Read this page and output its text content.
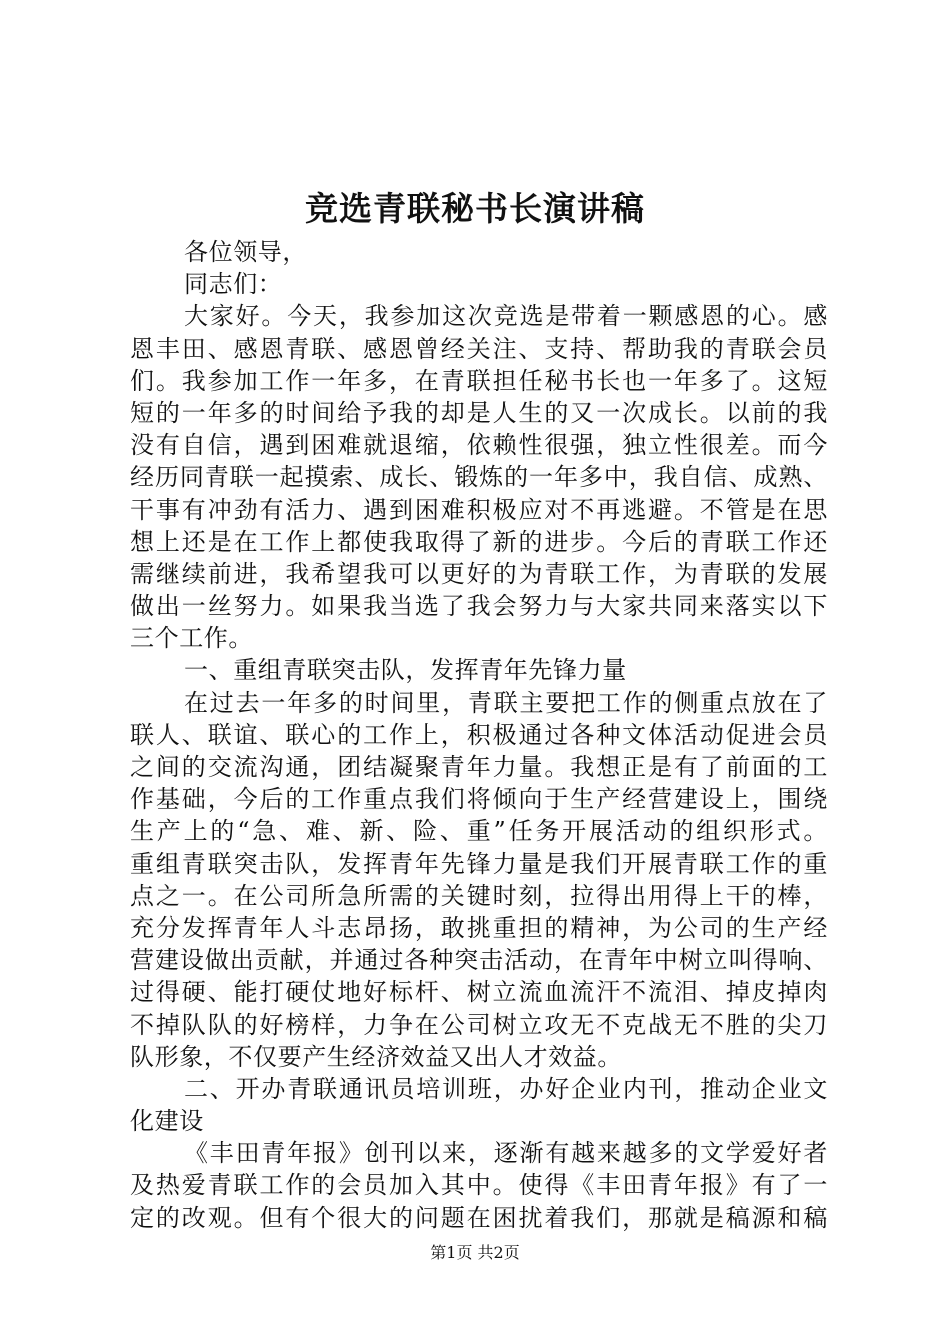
竞选青联秘书长演讲稿
各位领导，
同志们：
大家好。今天，我参加这次竞选是带着一颗感恩的心。感
恩丰田、感恩青联、感恩曾经关注、支持、帮助我的青联会员
们。我参加工作一年多，在青联担任秘书长也一年多了。这短
短的一年多的时间给予我的却是人生的又一次成长。以前的我
没有自信，遇到困难就退缩，依赖性很强，独立性很差。而今
经历同青联一起摸索、成长、锻炼的一年多中，我自信、成熟、
干事有冲劲有活力、遇到困难积极应对不再逃避。不管是在思
想上还是在工作上都使我取得了新的进步。今后的青联工作还
需继续前进，我希望我可以更好的为青联工作，为青联的发展
做出一丝努力。如果我当选了我会努力与大家共同来落实以下
三个工作。
一、重组青联突击队，发挥青年先锋力量
在过去一年多的时间里，青联主要把工作的侧重点放在了
联人、联谊、联心的工作上，积极通过各种文体活动促进会员
之间的交流沟通，团结凝聚青年力量。我想正是有了前面的工
作基础，今后的工作重点我们将倾向于生产经营建设上，围绕
生产上的“急、难、新、险、重”任务开展活动的组织形式。
重组青联突击队，发挥青年先锋力量是我们开展青联工作的重
点之一。在公司所急所需的关键时刻，拉得出用得上干的棒，
充分发挥青年人斗志昂扬，敢挑重担的精神，为公司的生产经
营建设做出贡献，并通过各种突击活动，在青年中树立叫得响、
过得硬、能打硬仗地好标杆、树立流血流汗不流泪、掉皮掉肉
不掉队队的好榜样，力争在公司树立攻无不克战无不胜的尖刀
队形象，不仅要产生经济效益又出人才效益。
二、开办青联通讯员培训班，办好企业内刊，推动企业文
化建设
《丰田青年报》创刊以来，逐渐有越来越多的文学爱好者
及热爱青联工作的会员加入其中。使得《丰田青年报》有了一
定的改观。但有个很大的问题在困扰着我们，那就是稿源和稿
第1页 共2页
